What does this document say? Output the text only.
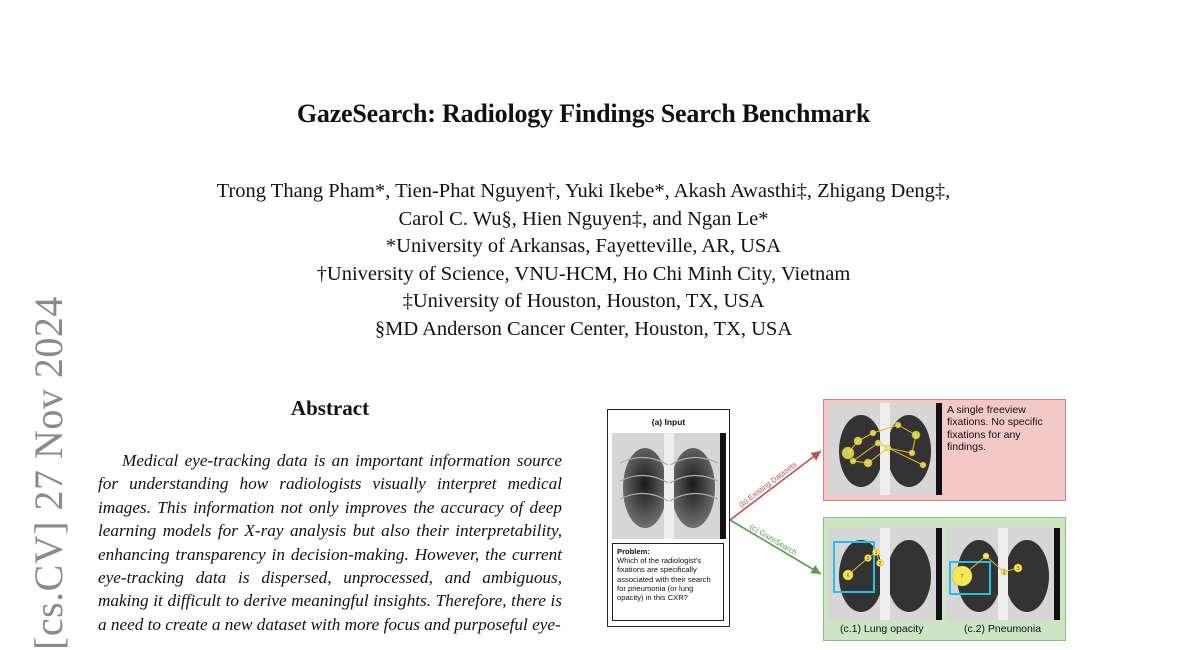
GazeSearch: Radiology Findings Search Benchmark
Trong Thang Pham*, Tien-Phat Nguyen†, Yuki Ikebe*, Akash Awasthi‡, Zhigang Deng‡,
Carol C. Wu§, Hien Nguyen‡, and Ngan Le*
*University of Arkansas, Fayetteville, AR, USA
†University of Science, VNU-HCM, Ho Chi Minh City, Vietnam
‡University of Houston, Houston, TX, USA
§MD Anderson Cancer Center, Houston, TX, USA
[cs.CV] 27 Nov 2024	Abstract
Medical eye-tracking data is an important information source for understanding how radiologists visually interpret medical images. This information not only improves the accuracy of deep learning models for X-ray analysis but also their interpretability, enhancing transparency in decision-making. However, the current eye-tracking data is dispersed, unprocessed, and ambiguous, making it difficult to derive meaningful insights. Therefore, there is a need to create a new dataset with more focus and purposeful eye-
(b) Existing Datasets
(c) GazeSearch
(a) Input
Problem:
Which of the radiologist's fixations are specifically associated with their search for pneumonia (or lung opacity) in this CXR?
A single freeview fixations. No specific fixations for any findings.
6
3
1
2
7
1
3
(c.1) Lung opacity	(c.2) Pneumonia
